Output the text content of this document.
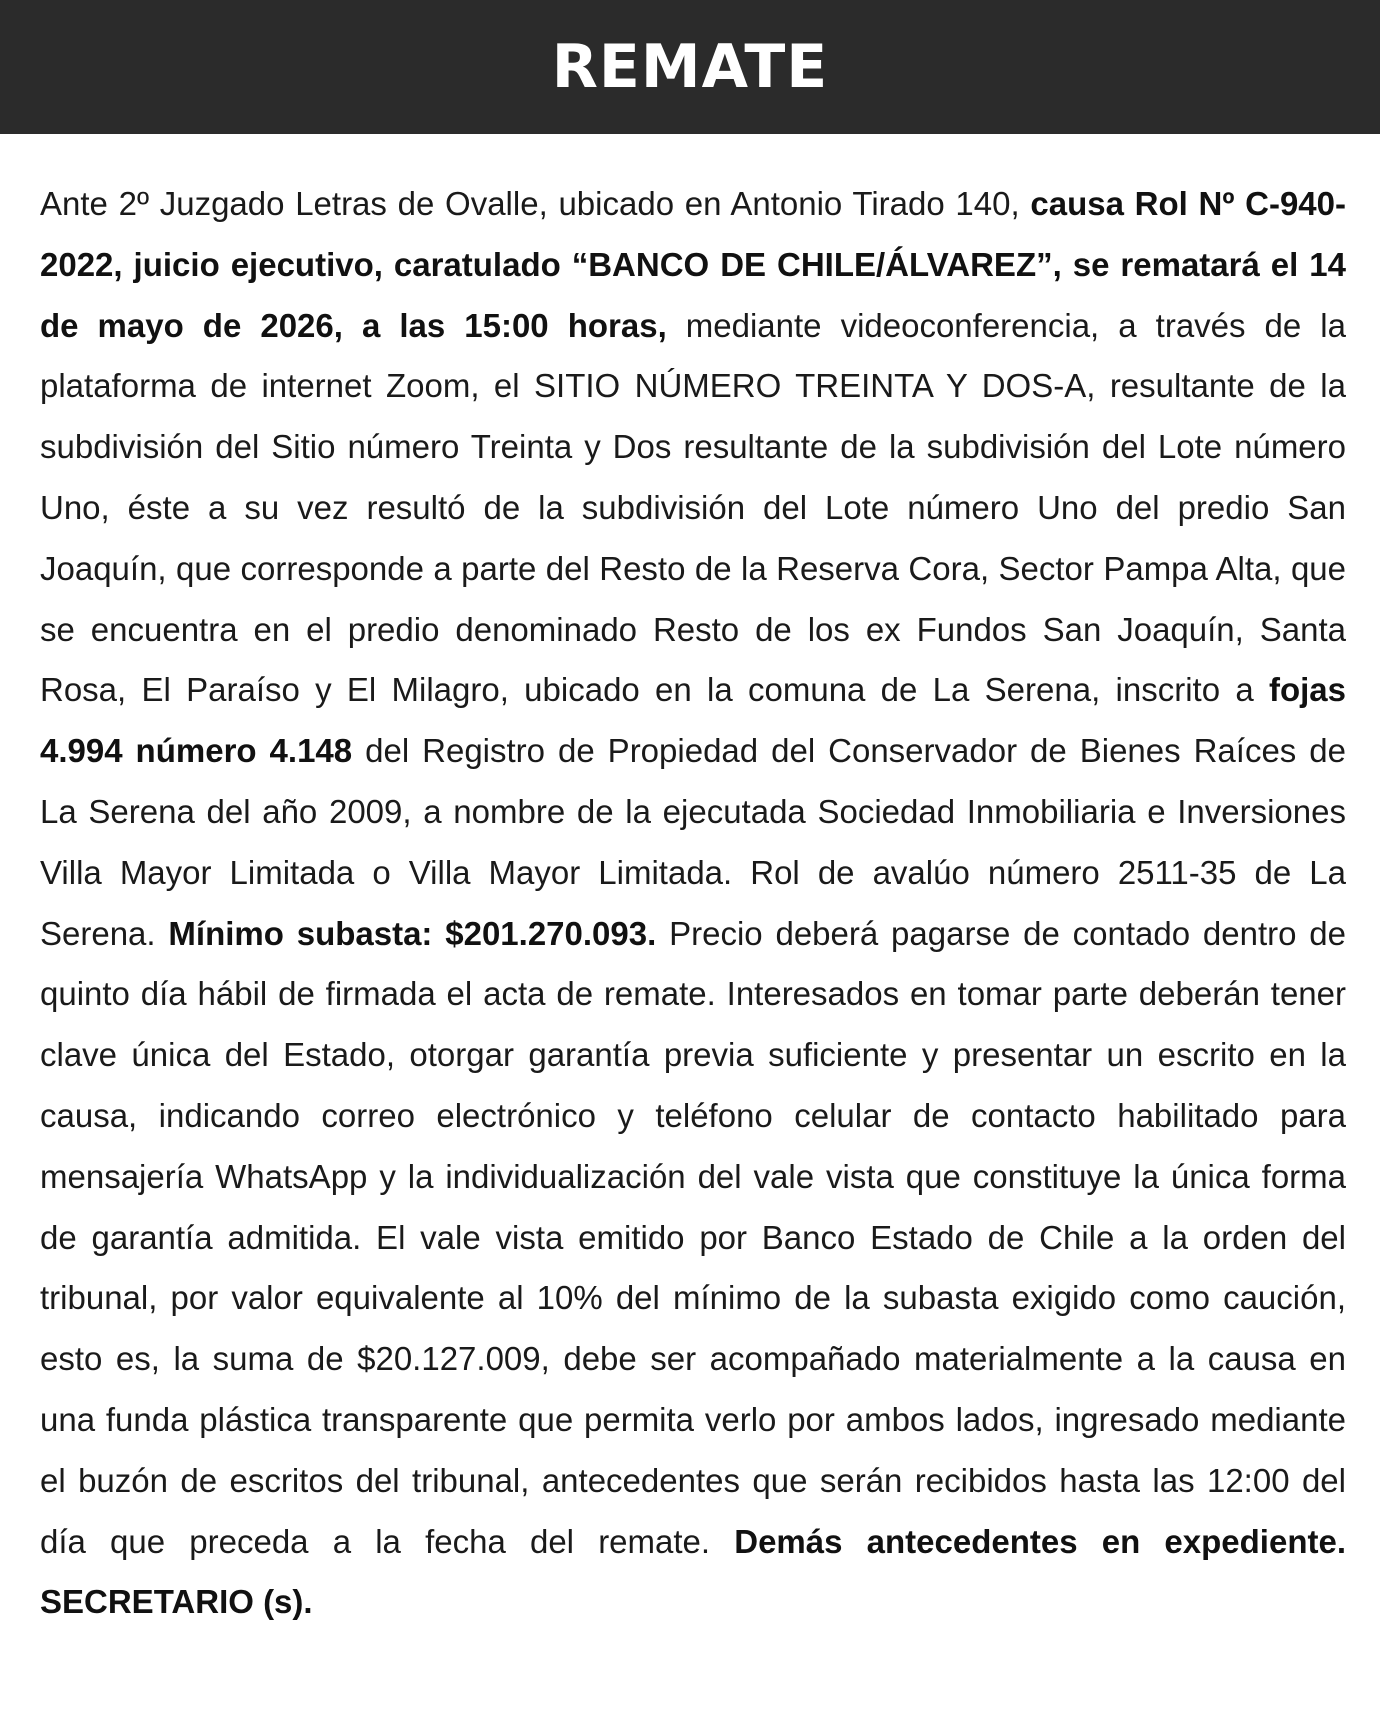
REMATE
Ante 2º Juzgado Letras de Ovalle, ubicado en Antonio Tirado 140, causa Rol Nº C-940- 2022, juicio ejecutivo, caratulado “BANCO DE CHILE/ÁLVAREZ”, se rematará el 14 de mayo de 2026, a las 15:00 horas, mediante videoconferencia, a través de la plataforma de internet Zoom, el SITIO NÚMERO TREINTA Y DOS-A, resultante de la subdivisión del Sitio número Treinta y Dos resultante de la subdivisión del Lote número Uno, éste a su vez resultó de la subdivisión del Lote número Uno del predio San Joaquín, que corresponde a parte del Resto de la Reserva Cora, Sector Pampa Alta, que se encuentra en el predio denominado Resto de los ex Fundos San Joaquín, Santa Rosa, El Paraíso y El Milagro, ubicado en la comuna de La Serena, inscrito a fojas 4.994 número 4.148 del Registro de Propiedad del Conservador de Bienes Raíces de La Serena del año 2009, a nombre de la ejecutada Sociedad Inmobiliaria e Inversiones Villa Mayor Limitada o Villa Mayor Limitada. Rol de avalúo número 2511-35 de La Serena. Mínimo subasta: $201.270.093. Precio deberá pagarse de contado dentro de quinto día hábil de firmada el acta de remate. Interesados en tomar parte deberán tener clave única del Estado, otorgar garantía previa suficiente y presentar un escrito en la causa, indicando correo electrónico y teléfono celular de contacto habilitado para mensajería WhatsApp y la individualización del vale vista que constituye la única forma de garantía admitida. El vale vista emitido por Banco Estado de Chile a la orden del tribunal, por valor equivalente al 10% del mínimo de la subasta exigido como caución, esto es, la suma de $20.127.009, debe ser acompañado materialmente a la causa en una funda plástica transparente que permita verlo por ambos lados, ingresado mediante el buzón de escritos del tribunal, antecedentes que serán recibidos hasta las 12:00 del día que preceda a la fecha del remate. Demás antecedentes en expediente. SECRETARIO (s).
